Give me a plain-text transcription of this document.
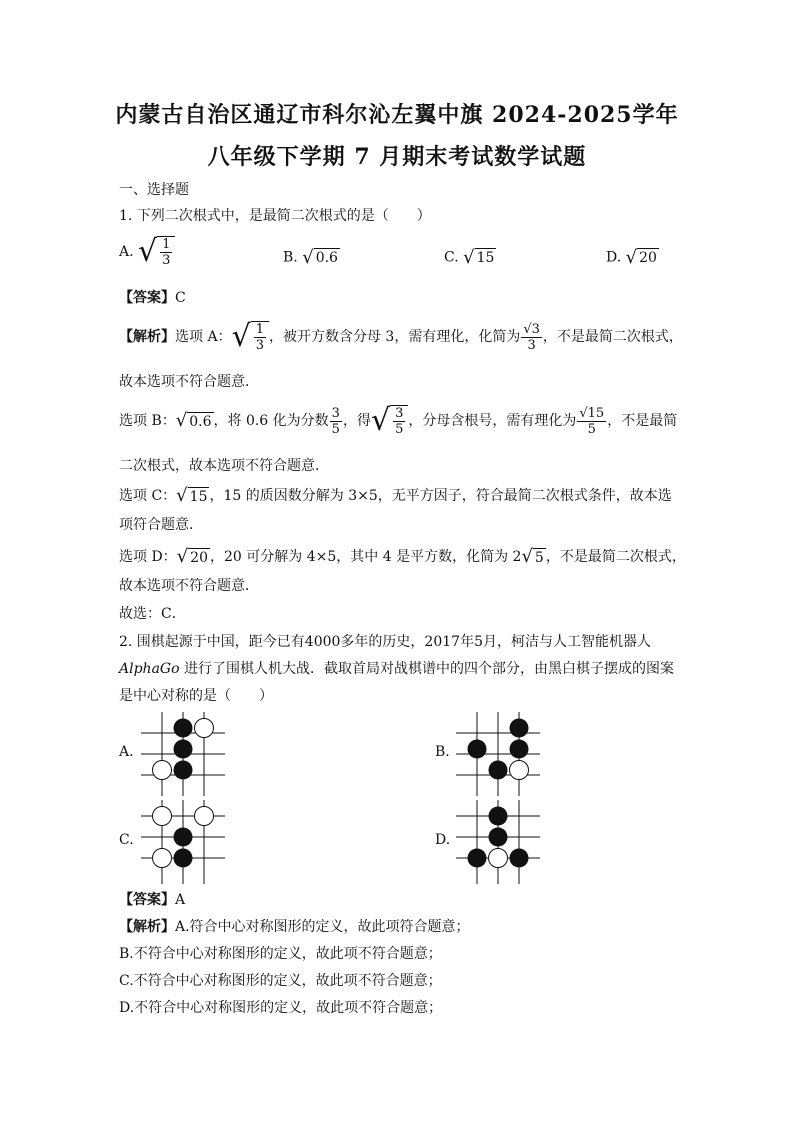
内蒙古自治区通辽市科尔沁左翼中旗 2024-2025学年
八年级下学期 7 月期末考试数学试题
一、选择题
1. 下列二次根式中，是最简二次根式的是（　　）
A. √ $\frac{1}{3}$	B. √ 0.6	C. √ 15	D. √ 20
【答案】C
【解析】选项 A： √ $\frac{1}{3}$ ，被开方数含分母 3，需有理化，化简为 $\frac{√3}{3}$ ，不是最简二次根式，
故本选项不符合题意．
选项 B： √ 0.6 ，将 0.6 化为分数 $\frac{3}{5}$ ，得 √ $\frac{3}{5}$ ，分母含根号，需有理化为 $\frac{√15}{5}$ ，不是最简
二次根式，故本选项不符合题意．
选项 C： √ 15 ，15 的质因数分解为 3×5，无平方因子，符合最简二次根式条件，故本选
项符合题意．
选项 D： √ 20 ，20 可分解为 4×5，其中 4 是平方数，化简为 2 √ 5 ，不是最简二次根式，
故本选项不符合题意．
故选：C．
2. 围棋起源于中国，距今已有4000多年的历史，2017年5月，柯洁与人工智能机器人
AlphaGo 进行了围棋人机大战．截取首局对战棋谱中的四个部分，由黑白棋子摆成的图案
是中心对称的是（　　）
A.	B.
C.	D.
【答案】A
【解析】A.符合中心对称图形的定义，故此项符合题意；
B.不符合中心对称图形的定义，故此项不符合题意；
C.不符合中心对称图形的定义，故此项不符合题意；
D.不符合中心对称图形的定义，故此项不符合题意；
